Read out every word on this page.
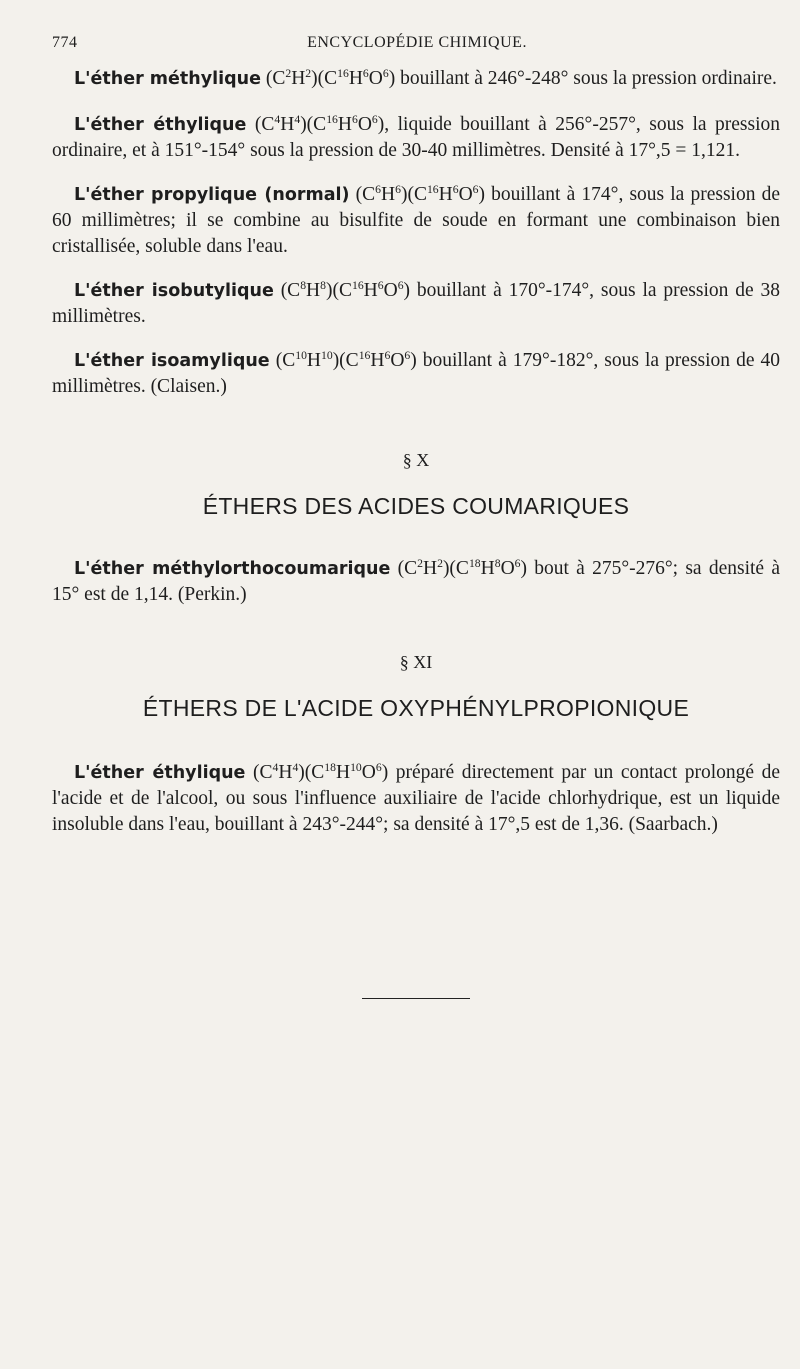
774	ENCYCLOPÉDIE CHIMIQUE.

L'éther méthylique $(C^2H^2)(C^{16}H^6O^6)$ bouillant à 246°-248° sous la pression ordinaire.

L'éther éthylique $(C^4H^4)(C^{16}H^6O^6)$, liquide bouillant à 256°-257°, sous la pression ordinaire, et à 151°-154° sous la pression de 30-40 millimètres. Densité à 17°,5 = 1,121.

L'éther propylique (normal) $(C^6H^6)(C^{16}H^6O^6)$ bouillant à 174°, sous la pression de 60 millimètres; il se combine au bisulfite de soude en formant une combinaison bien cristallisée, soluble dans l'eau.

L'éther isobutylique $(C^8H^8)(C^{16}H^6O^6)$ bouillant à 170°-174°, sous la pression de 38 millimètres.

L'éther isoamylique $(C^{10}H^{10})(C^{16}H^6O^6)$ bouillant à 179°-182°, sous la pression de 40 millimètres. (Claisen.)

§ X
ÉTHERS DES ACIDES COUMARIQUES

L'éther méthylorthocoumarique $(C^2H^2)(C^{18}H^8O^6)$ bout à 275°-276°; sa densité à 15° est de 1,14. (Perkin.)

§ XI
ÉTHERS DE L'ACIDE OXYPHÉNYLPROPIONIQUE

L'éther éthylique $(C^4H^4)(C^{18}H^{10}O^6)$ préparé directement par un contact prolongé de l'acide et de l'alcool, ou sous l'influence auxiliaire de l'acide chlorhydrique, est un liquide insoluble dans l'eau, bouillant à 243°-244°; sa densité à 17°,5 est de 1,36. (Saarbach.)
